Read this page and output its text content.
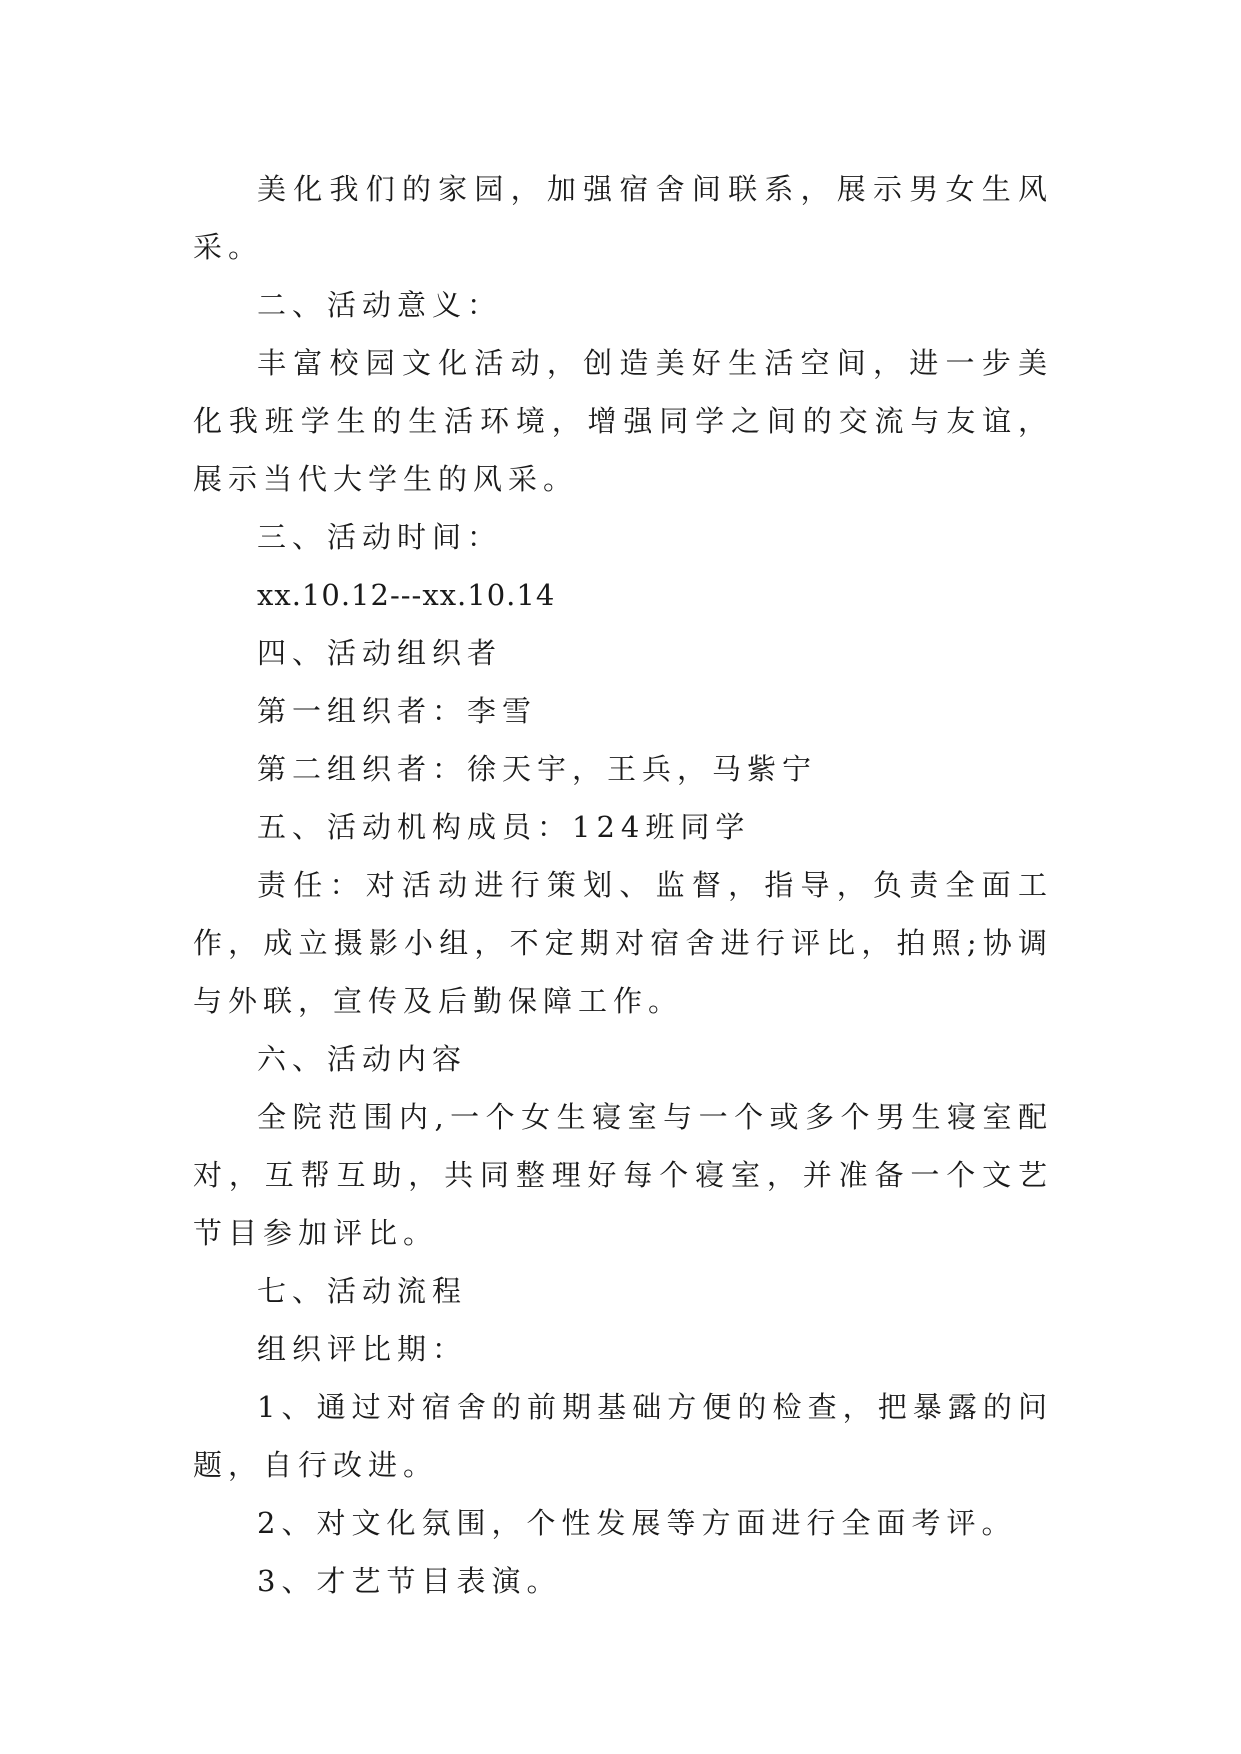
美化我们的家园，加强宿舍间联系，展示男女生风采。

二、活动意义：

丰富校园文化活动，创造美好生活空间，进一步美化我班学生的生活环境，增强同学之间的交流与友谊，展示当代大学生的风采。

三、活动时间：

xx.10.12---xx.10.14

四、活动组织者

第一组织者：李雪

第二组织者：徐天宇，王兵，马紫宁

五、活动机构成员：124班同学

责任：对活动进行策划、监督，指导，负责全面工作，成立摄影小组，不定期对宿舍进行评比，拍照;协调与外联，宣传及后勤保障工作。

六、活动内容

全院范围内,一个女生寝室与一个或多个男生寝室配对，互帮互助，共同整理好每个寝室，并准备一个文艺节目参加评比。

七、活动流程

组织评比期：

1、通过对宿舍的前期基础方便的检查，把暴露的问题，自行改进。

2、对文化氛围，个性发展等方面进行全面考评。

3、才艺节目表演。
